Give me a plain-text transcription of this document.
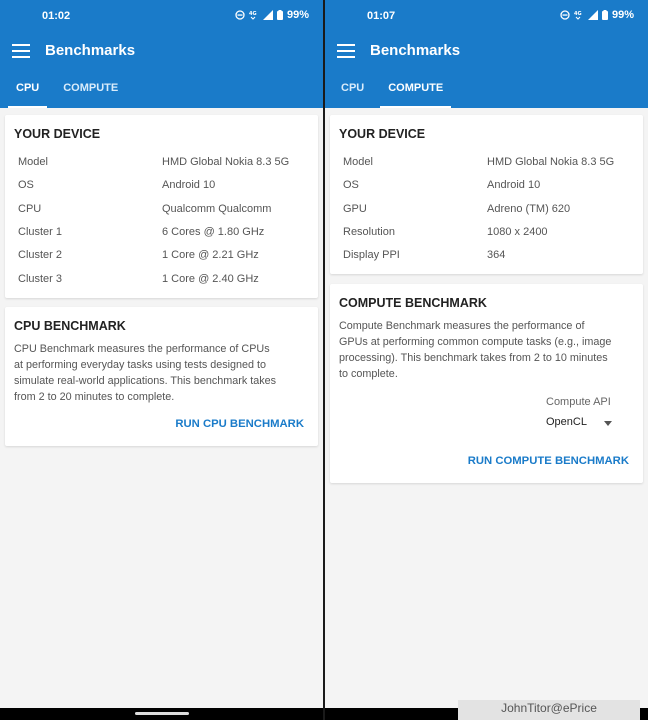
01:02	4G	99%
Benchmarks
CPU	COMPUTE
YOUR DEVICE
Model	HMD Global Nokia 8.3 5G
OS	Android 10
CPU	Qualcomm Qualcomm
Cluster 1	6 Cores @ 1.80 GHz
Cluster 2	1 Core @ 2.21 GHz
Cluster 3	1 Core @ 2.40 GHz
CPU BENCHMARK
CPU Benchmark measures the performance of CPUs
at performing everyday tasks using tests designed to
simulate real-world applications. This benchmark takes
from 2 to 20 minutes to complete.
RUN CPU BENCHMARK
01:07	4G	99%
Benchmarks
CPU	COMPUTE
YOUR DEVICE
Model	HMD Global Nokia 8.3 5G
OS	Android 10
GPU	Adreno (TM) 620
Resolution	1080 x 2400
Display PPI	364
COMPUTE BENCHMARK
Compute Benchmark measures the performance of
GPUs at performing common compute tasks (e.g., image
processing). This benchmark takes from 2 to 10 minutes
to complete.
Compute API
OpenCL
RUN COMPUTE BENCHMARK
JohnTitor@ePrice
